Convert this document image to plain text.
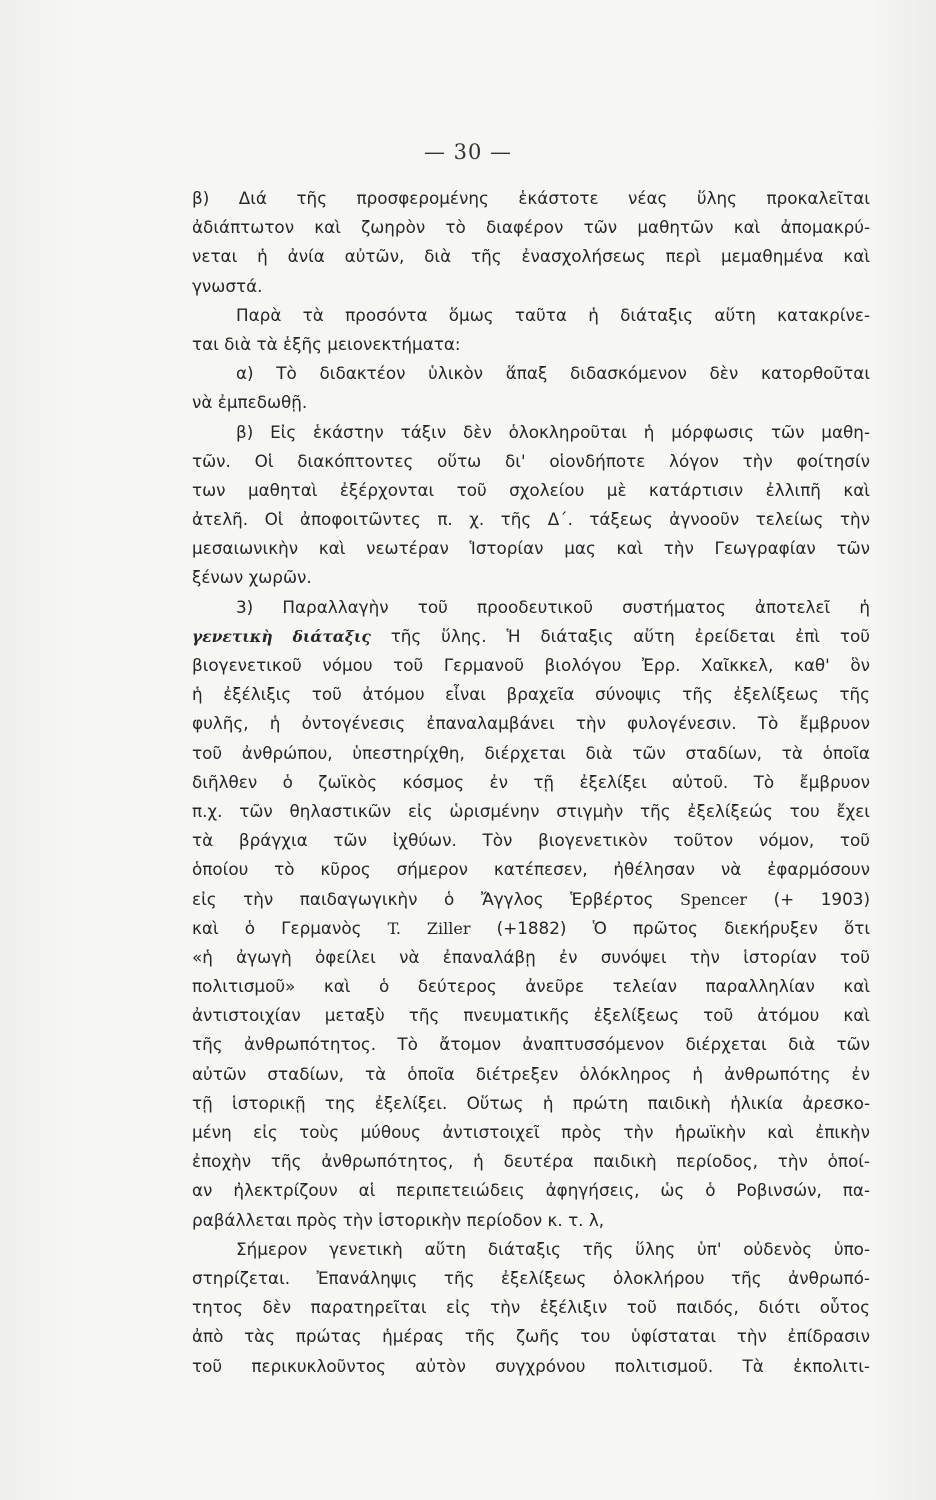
— 30 —
β) Διά τῆς προσφερομένης ἑκάστοτε νέας ὕλης προκαλεῖται
ἀδιάπτωτον καὶ ζωηρὸν τὸ διαφέρον τῶν μαθητῶν καὶ ἀπομακρύ-
νεται ἡ ἀνία αὐτῶν, διὰ τῆς ἐνασχολήσεως περὶ μεμαθημένα καὶ
γνωστά.
Παρὰ τὰ προσόντα ὅμως ταῦτα ἡ διάταξις αὕτη κατακρίνε-
ται διὰ τὰ ἑξῆς μειονεκτήματα:
α) Τὸ διδακτέον ὑλικὸν ἅπαξ διδασκόμενον δὲν κατορθοῦται
νὰ ἐμπεδωθῇ.
β) Εἰς ἑκάστην τάξιν δὲν ὁλοκληροῦται ἡ μόρφωσις τῶν μαθη-
τῶν. Οἱ διακόπτοντες οὕτω δι' οἱονδήποτε λόγον τὴν φοίτησίν
των μαθηταὶ ἐξέρχονται τοῦ σχολείου μὲ κατάρτισιν ἐλλιπῆ καὶ
ἀτελῆ. Οἱ ἀποφοιτῶντες π. χ. τῆς Δ΄. τάξεως ἀγνοοῦν τελείως τὴν
μεσαιωνικὴν καὶ νεωτέραν Ἱστορίαν μας καὶ τὴν Γεωγραφίαν τῶν
ξένων χωρῶν.
3) Παραλλαγὴν τοῦ προοδευτικοῦ συστήματος ἀποτελεῖ ἡ
γενετικὴ διάταξις τῆς ὕλης. Ἡ διάταξις αὕτη ἐρείδεται ἐπὶ τοῦ
βιογενετικοῦ νόμου τοῦ Γερμανοῦ βιολόγου Ἐρρ. Χαῖκκελ, καθ' ὃν
ἡ ἐξέλιξις τοῦ ἀτόμου εἶναι βραχεῖα σύνοψις τῆς ἐξελίξεως τῆς
φυλῆς, ἡ ὀντογένεσις ἐπαναλαμβάνει τὴν φυλογένεσιν. Τὸ ἔμβρυον
τοῦ ἀνθρώπου, ὑπεστηρίχθη, διέρχεται διὰ τῶν σταδίων, τὰ ὁποῖα
διῆλθεν ὁ ζωϊκὸς κόσμος ἐν τῇ ἐξελίξει αὐτοῦ. Τὸ ἔμβρυον
π.χ. τῶν θηλαστικῶν εἰς ὡρισμένην στιγμὴν τῆς ἐξελίξεώς του ἔχει
τὰ βράγχια τῶν ἰχθύων. Τὸν βιογενετικὸν τοῦτον νόμον, τοῦ
ὁποίου τὸ κῦρος σήμερον κατέπεσεν, ἠθέλησαν νὰ ἐφαρμόσουν
εἰς τὴν παιδαγωγικὴν ὁ Ἄγγλος Ἑρβέρτος Spencer (+ 1903)
καὶ ὁ Γερμανὸς T. Ziller (+1882) Ὁ πρῶτος διεκήρυξεν ὅτι
«ἡ ἀγωγὴ ὀφείλει νὰ ἐπαναλάβῃ ἐν συνόψει τὴν ἱστορίαν τοῦ
πολιτισμοῦ» καὶ ὁ δεύτερος ἀνεῦρε τελείαν παραλληλίαν καὶ
ἀντιστοιχίαν μεταξὺ τῆς πνευματικῆς ἐξελίξεως τοῦ ἀτόμου καὶ
τῆς ἀνθρωπότητος. Τὸ ἄτομον ἀναπτυσσόμενον διέρχεται διὰ τῶν
αὐτῶν σταδίων, τὰ ὁποῖα διέτρεξεν ὁλόκληρος ἡ ἀνθρωπότης ἐν
τῇ ἱστορικῇ της ἐξελίξει. Οὕτως ἡ πρώτη παιδικὴ ἡλικία ἀρεσκο-
μένη εἰς τοὺς μύθους ἀντιστοιχεῖ πρὸς τὴν ἡρωϊκὴν καὶ ἐπικὴν
ἐποχὴν τῆς ἀνθρωπότητος, ἡ δευτέρα παιδικὴ περίοδος, τὴν ὁποί-
αν ἠλεκτρίζουν αἱ περιπετειώδεις ἀφηγήσεις, ὡς ὁ Ροβινσών, πα-
ραβάλλεται πρὸς τὴν ἱστορικὴν περίοδον κ. τ. λ,
Σήμερον γενετικὴ αὕτη διάταξις τῆς ὕλης ὑπ' οὐδενὸς ὑπο-
στηρίζεται. Ἐπανάληψις τῆς ἐξελίξεως ὁλοκλήρου τῆς ἀνθρωπό-
τητος δὲν παρατηρεῖται εἰς τὴν ἐξέλιξιν τοῦ παιδός, διότι οὗτος
ἀπὸ τὰς πρώτας ἡμέρας τῆς ζωῆς του ὑφίσταται τὴν ἐπίδρασιν
τοῦ περικυκλοῦντος αὐτὸν συγχρόνου πολιτισμοῦ. Τὰ ἐκπολιτι-
